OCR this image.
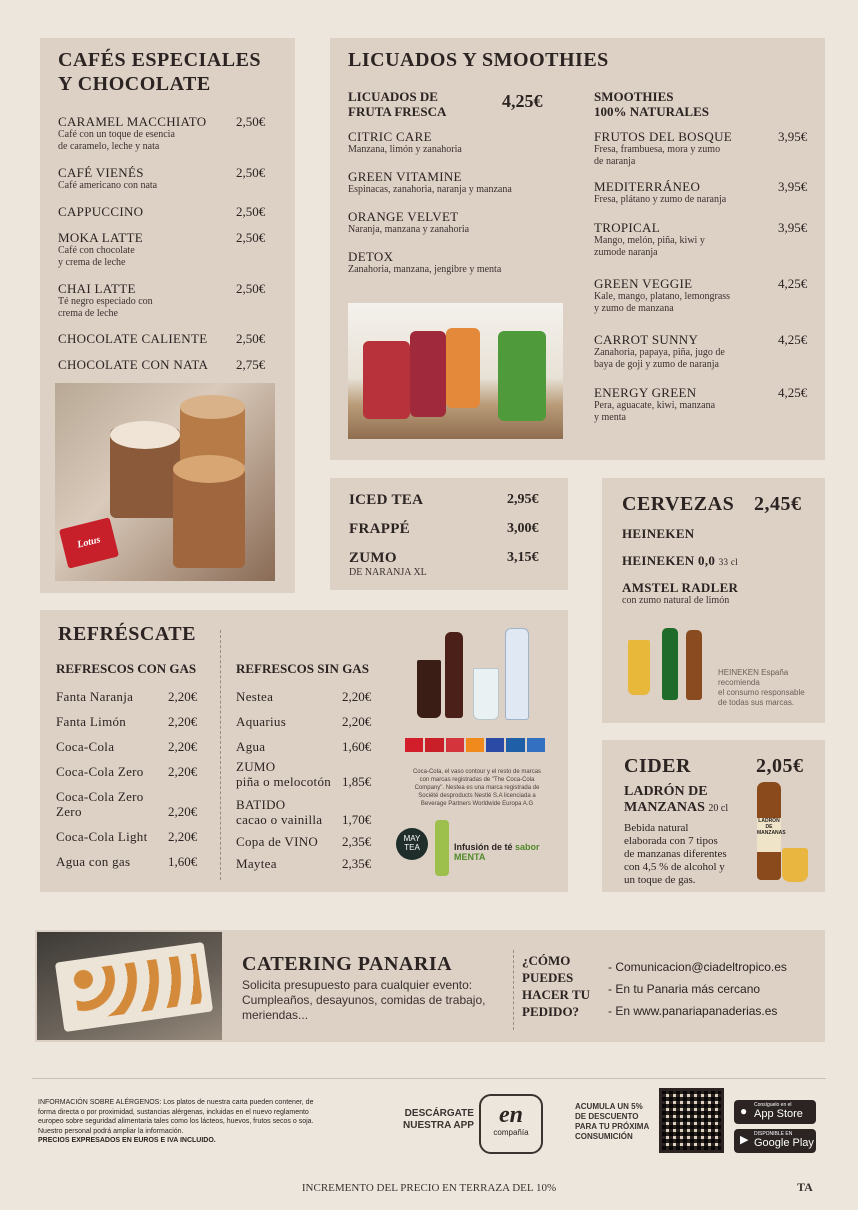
CAFÉS ESPECIALES
Y CHOCOLATE
CARAMEL MACCHIATO
Café con un toque de esencia
de caramelo, leche y nata
2,50€
CAFÉ VIENÉS
Café americano con nata
2,50€
CAPPUCCINO	2,50€
MOKA LATTE
Café con chocolate
y crema de leche
2,50€
CHAI LATTE
Té negro especiado con
crema de leche
2,50€
CHOCOLATE CALIENTE	2,50€
CHOCOLATE CON NATA	2,75€
Lotus
LICUADOS Y SMOOTHIES
LICUADOS DE
FRUTA FRESCA
4,25€
CITRIC CARE
Manzana, limón y zanahoria
GREEN VITAMINE
Espinacas, zanahoria, naranja y manzana
ORANGE VELVET
Naranja, manzana y zanahoria
DETOX
Zanahoria, manzana, jengibre y menta
SMOOTHIES
100% NATURALES
FRUTOS DEL BOSQUE
Fresa, frambuesa, mora y zumo
de naranja
3,95€
MEDITERRÁNEO
Fresa, plátano y zumo de naranja
3,95€
TROPICAL
Mango, melón, piña, kiwi y
zumode naranja
3,95€
GREEN VEGGIE
Kale, mango, platano, lemongrass
y zumo de manzana
4,25€
CARROT SUNNY
Zanahoria, papaya, piña, jugo de
baya de goji y zumo de naranja
4,25€
ENERGY GREEN
Pera, aguacate, kiwi, manzana
y menta
4,25€
ICED TEA	2,95€
FRAPPÉ	3,00€
ZUMO
DE NARANJA XL
3,15€
CERVEZAS 2,45€
HEINEKEN
HEINEKEN 0,0 33 cl
AMSTEL RADLER
con zumo natural de limón
HEINEKEN España
recomienda
el consumo responsable
de todas sus marcas.
REFRÉSCATE
REFRESCOS CON GAS	REFRESCOS SIN GAS
Fanta Naranja	2,20€
Fanta Limón	2,20€
Coca-Cola	2,20€
Coca-Cola Zero	2,20€
Coca-Cola Zero
Zero	2,20€
Coca-Cola Light	2,20€
Agua con gas	1,60€
Nestea	2,20€
Aquarius	2,20€
Agua	1,60€
ZUMO
piña o melocotón 1,85€
BATIDO
cacao o vainilla	1,70€
Copa de VINO	2,35€
Maytea	2,35€
Coca-Cola, el vaso contour y el resto de marcas
con marcas registradas de "The Coca-Cola
Company". Nestea es una marca registrada de
Société desproducts Nestlé S.A licenciada a
Beverage Partners Worldwide Europa A.G
MAY
TEA	Infusión de té sabor MENTA
CIDER	2,05€
LADRÓN DE
MANZANAS 20 cl
Bebida natural
elaborada con 7 tipos
de manzanas diferentes
con 4,5 % de alcohol y
un toque de gas.
LADRÓN DE MANZANAS
CATERING PANARIA
Solicita presupuesto para cualquier evento:
Cumpleaños, desayunos, comidas de trabajo,
meriendas...
¿CÓMO
PUEDES
HACER TU
PEDIDO?
- Comunicacion@ciadeltropico.es
- En tu Panaria más cercano
- En www.panariapanaderias.es
INFORMACIÓN SOBRE ALÉRGENOS: Los platos de nuestra carta pueden contener, de
forma directa o por proximidad, sustancias alérgenas, incluidas en el nuevo reglamento
europeo sobre seguridad alimentaria tales como los lácteos, huevos, frutos secos o soja.
Nuestro personal podrá ampliar la información.
PRECIOS EXPRESADOS EN EUROS E IVA INCLUIDO.
DESCÁRGATE
NUESTRA APP	en
compañía
ACUMULA UN 5%
DE DESCUENTO
PARA TU PRÓXIMA
CONSUMICIÓN
● Consíguelo en el
App Store
▶ DISPONIBLE EN
Google Play
INCREMENTO DEL PRECIO EN TERRAZA DEL 10%	TA
